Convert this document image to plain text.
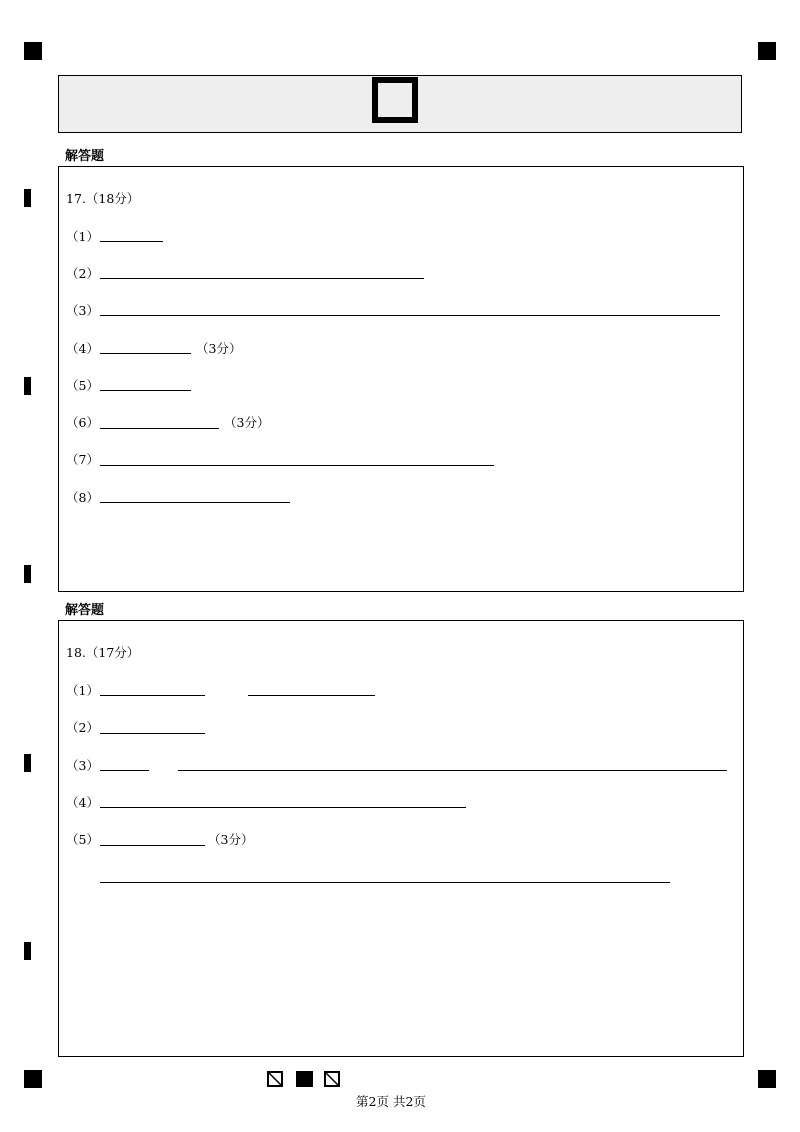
解答题
17.（18分）
（1）
（2）
（3）
（4）	（3分）
（5）
（6）	（3分）
（7）
（8）
解答题
18.（17分）
（1）
（2）
（3）
（4）
（5）	（3分）
第2页 共2页
